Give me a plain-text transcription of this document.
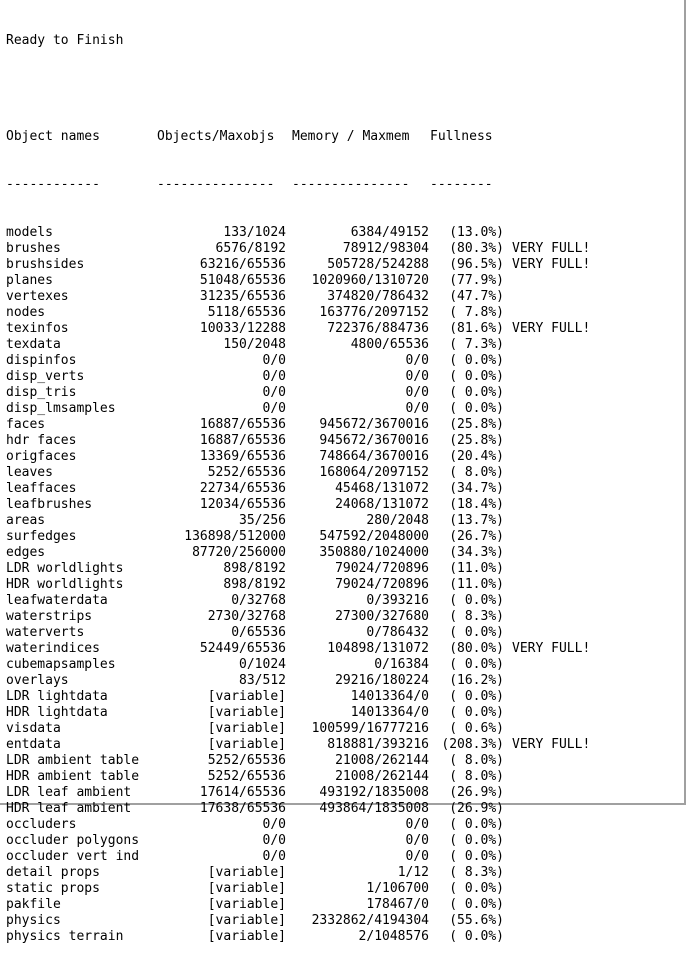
Ready to Finish

Object names	Objects/Maxobjs Memory / Maxmem Fullness

------------	--------------- --------------- --------

models	133/1024	6384/49152 (13.0%)
brushes	6576/8192	78912/98304 (80.3%) VERY FULL!
brushsides	63216/65536	505728/524288 (96.5%) VERY FULL!
planes	51048/65536 1020960/1310720 (77.9%)
vertexes	31235/65536	374820/786432 (47.7%)
nodes	5118/65536	163776/2097152 ( 7.8%)
texinfos	10033/12288	722376/884736 (81.6%) VERY FULL!
texdata	150/2048	4800/65536 ( 7.3%)
dispinfos	0/0	0/0 ( 0.0%)
disp_verts	0/0	0/0 ( 0.0%)
disp_tris	0/0	0/0 ( 0.0%)
disp_lmsamples	0/0	0/0 ( 0.0%)
faces	16887/65536	945672/3670016 (25.8%)
hdr faces	16887/65536	945672/3670016 (25.8%)
origfaces	13369/65536	748664/3670016 (20.4%)
leaves	5252/65536	168064/2097152 ( 8.0%)
leaffaces	22734/65536	45468/131072 (34.7%)
leafbrushes	12034/65536	24068/131072 (18.4%)
areas	35/256	280/2048 (13.7%)
surfedges	136898/512000	547592/2048000 (26.7%)
edges	87720/256000	350880/1024000 (34.3%)
LDR worldlights	898/8192	79024/720896 (11.0%)
HDR worldlights	898/8192	79024/720896 (11.0%)
leafwaterdata	0/32768	0/393216 ( 0.0%)
waterstrips	2730/32768	27300/327680 ( 8.3%)
waterverts	0/65536	0/786432 ( 0.0%)
waterindices	52449/65536	104898/131072 (80.0%) VERY FULL!
cubemapsamples	0/1024	0/16384 ( 0.0%)
overlays	83/512	29216/180224 (16.2%)
LDR lightdata	[variable]	14013364/0 ( 0.0%)
HDR lightdata	[variable]	14013364/0 ( 0.0%)
visdata	[variable] 100599/16777216 ( 0.6%)
entdata	[variable]	818881/393216 (208.3%) VERY FULL!
LDR ambient table	5252/65536	21008/262144 ( 8.0%)
HDR ambient table	5252/65536	21008/262144 ( 8.0%)
LDR leaf ambient	17614/65536	493192/1835008 (26.9%)
HDR leaf ambient	17638/65536	493864/1835008 (26.9%)
occluders	0/0	0/0 ( 0.0%)
occluder polygons	0/0	0/0 ( 0.0%)
occluder vert ind	0/0	0/0 ( 0.0%)
detail props	[variable]	1/12 ( 8.3%)
static props	[variable]	1/106700 ( 0.0%)
pakfile	[variable]	178467/0 ( 0.0%)
physics	[variable] 2332862/4194304 (55.6%)
physics terrain	[variable]	2/1048576 ( 0.0%)
